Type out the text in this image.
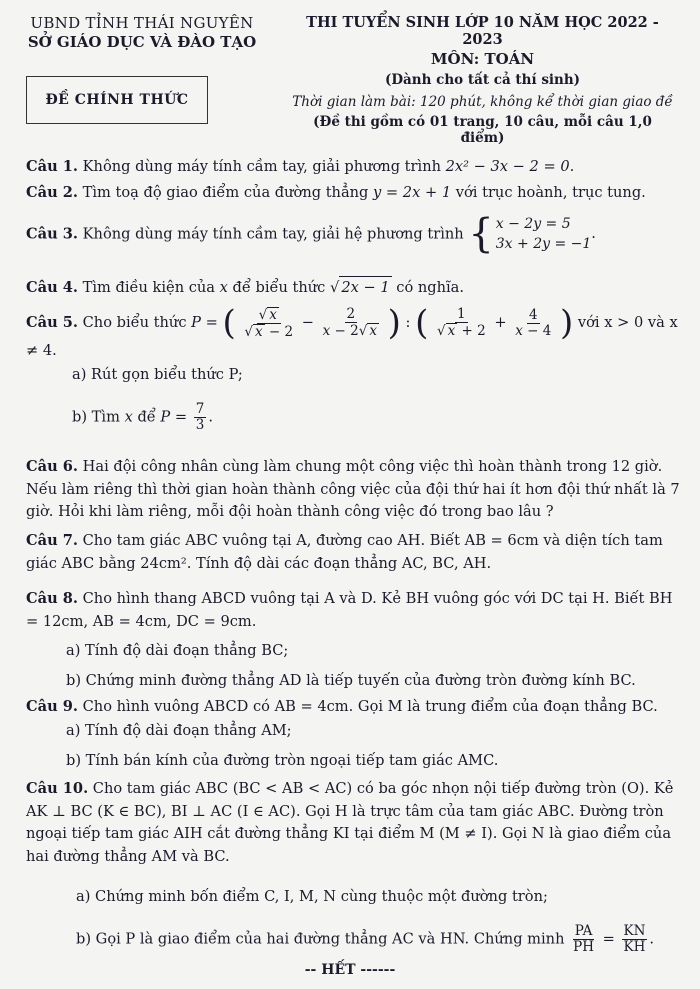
UBND TỈNH THÁI NGUYÊN
SỞ GIÁO DỤC VÀ ĐÀO TẠO
ĐỀ CHÍNH THỨC
THI TUYỂN SINH LỚP 10 NĂM HỌC 2022 - 2023
MÔN: TOÁN
(Dành cho tất cả thí sinh)
Thời gian làm bài: 120 phút, không kể thời gian giao đề
(Đề thi gồm có 01 trang, 10 câu, mỗi câu 1,0 điểm)
Câu 1. Không dùng máy tính cầm tay, giải phương trình 2x² − 3x − 2 = 0.
Câu 2. Tìm toạ độ giao điểm của đường thẳng y = 2x + 1 với trục hoành, trục tung.
Câu 3. Không dùng máy tính cầm tay, giải hệ phương trình { x − 2y = 5
3x + 2y = −1
.
Câu 4. Tìm điều kiện của x để biểu thức √ 2x − 1 có nghĩa.
Câu 5. Cho biểu thức P = ( $\frac{√ x}{√ x - 2} - \frac{2}{x - 2√ x}$ ) : ( $\frac{1}{√ x + 2} + \frac{4}{x - 4}$ ) với x > 0 và x ≠ 4.
a) Rút gọn biểu thức P;
b) Tìm x để $P = \frac{7}{3}$ .
Câu 6. Hai đội công nhân cùng làm chung một công việc thì hoàn thành trong 12 giờ. Nếu làm riêng thì thời gian hoàn thành công việc của đội thứ hai ít hơn đội thứ nhất là 7 giờ. Hỏi khi làm riêng, mỗi đội hoàn thành công việc đó trong bao lâu ?
Câu 7. Cho tam giác ABC vuông tại A, đường cao AH. Biết AB = 6cm và diện tích tam giác ABC bằng 24cm². Tính độ dài các đoạn thẳng AC, BC, AH.
Câu 8. Cho hình thang ABCD vuông tại A và D. Kẻ BH vuông góc với DC tại H. Biết BH = 12cm, AB = 4cm, DC = 9cm.
a) Tính độ dài đoạn thẳng BC;
b) Chứng minh đường thẳng AD là tiếp tuyến của đường tròn đường kính BC.
Câu 9. Cho hình vuông ABCD có AB = 4cm. Gọi M là trung điểm của đoạn thẳng BC.
a) Tính độ dài đoạn thẳng AM;
b) Tính bán kính của đường tròn ngoại tiếp tam giác AMC.
Câu 10. Cho tam giác ABC (BC < AB < AC) có ba góc nhọn nội tiếp đường tròn (O). Kẻ AK ⊥ BC (K ∈ BC), BI ⊥ AC (I ∈ AC). Gọi H là trực tâm của tam giác ABC. Đường tròn ngoại tiếp tam giác AIH cắt đường thẳng KI tại điểm M (M ≠ I). Gọi N là giao điểm của hai đường thẳng AM và BC.
a) Chứng minh bốn điểm C, I, M, N cùng thuộc một đường tròn;
b) Gọi P là giao điểm của hai đường thẳng AC và HN. Chứng minh $\frac{PA}{PH} = \frac{KN}{KH}$ .
-- HẾT ------
